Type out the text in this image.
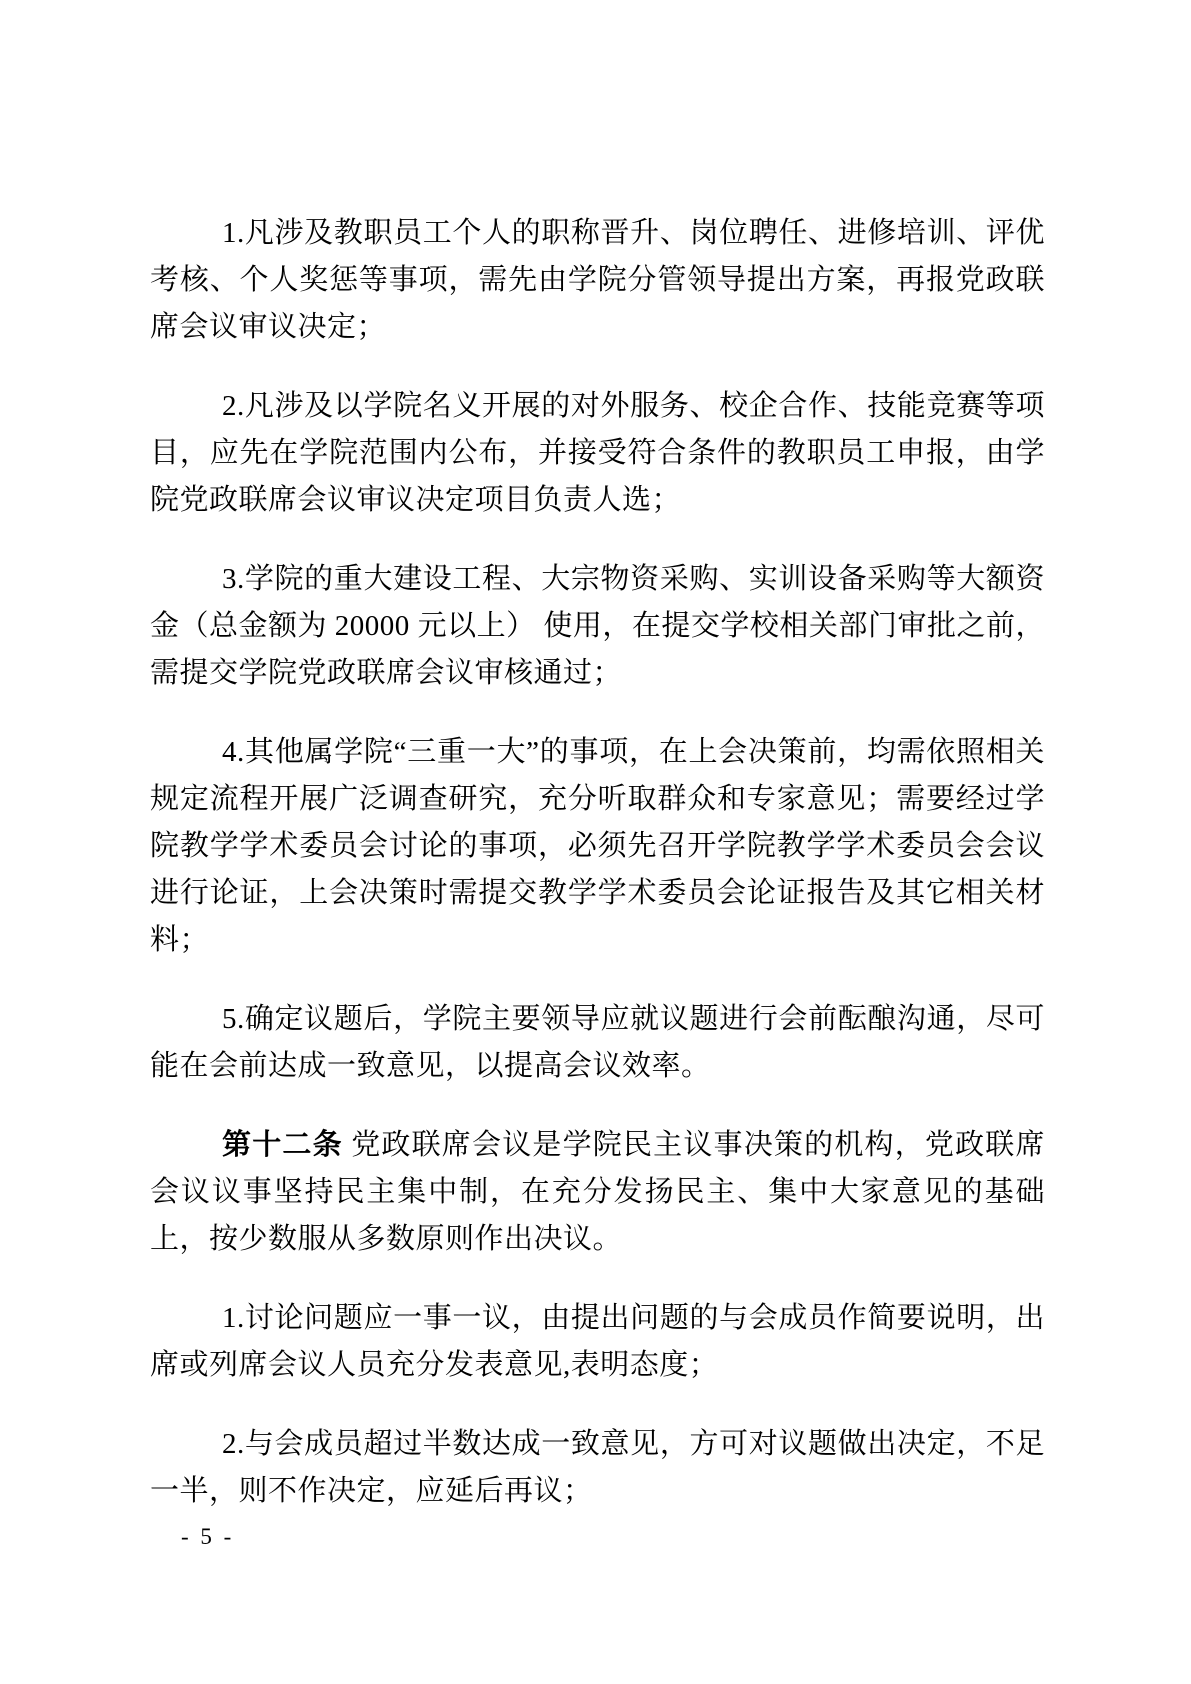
1.凡涉及教职员工个人的职称晋升、岗位聘任、进修培训、评优考核、个人奖惩等事项，需先由学院分管领导提出方案，再报党政联席会议审议决定；

2.凡涉及以学院名义开展的对外服务、校企合作、技能竞赛等项目，应先在学院范围内公布，并接受符合条件的教职员工申报，由学院党政联席会议审议决定项目负责人选；

3.学院的重大建设工程、大宗物资采购、实训设备采购等大额资金（总金额为 20000 元以上） 使用，在提交学校相关部门审批之前，需提交学院党政联席会议审核通过；

4.其他属学院“三重一大”的事项，在上会决策前，均需依照相关规定流程开展广泛调查研究，充分听取群众和专家意见；需要经过学院教学学术委员会讨论的事项，必须先召开学院教学学术委员会会议进行论证，上会决策时需提交教学学术委员会论证报告及其它相关材料；

5.确定议题后，学院主要领导应就议题进行会前酝酿沟通，尽可能在会前达成一致意见，以提高会议效率。

第十二条 党政联席会议是学院民主议事决策的机构，党政联席会议议事坚持民主集中制，在充分发扬民主、集中大家意见的基础上，按少数服从多数原则作出决议。

1.讨论问题应一事一议，由提出问题的与会成员作简要说明，出席或列席会议人员充分发表意见,表明态度；

2.与会成员超过半数达成一致意见，方可对议题做出决定，不足一半，则不作决定，应延后再议；

- 5 -
